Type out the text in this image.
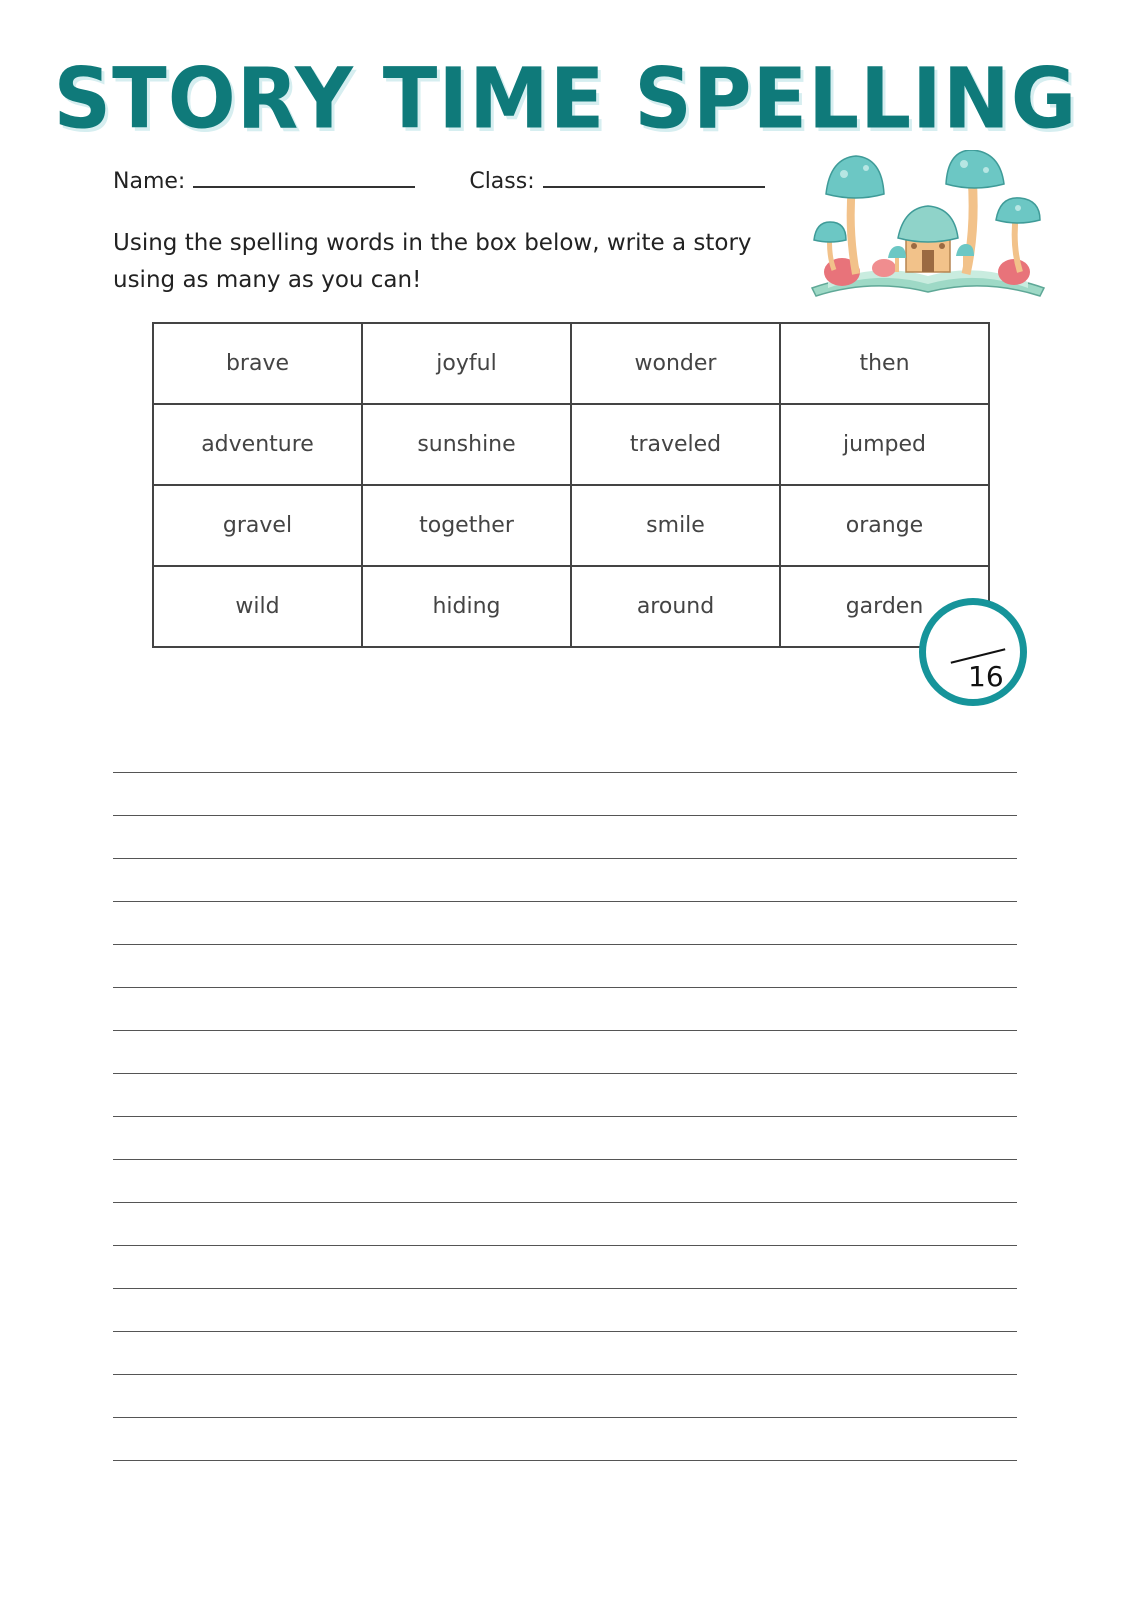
STORY TIME SPELLING
Name:	Class:
Using the spelling words in the box below, write a story using as many as you can!
brave	joyful	wonder	then
adventure	sunshine	traveled	jumped
gravel	together	smile	orange
wild	hiding	around	garden
16
